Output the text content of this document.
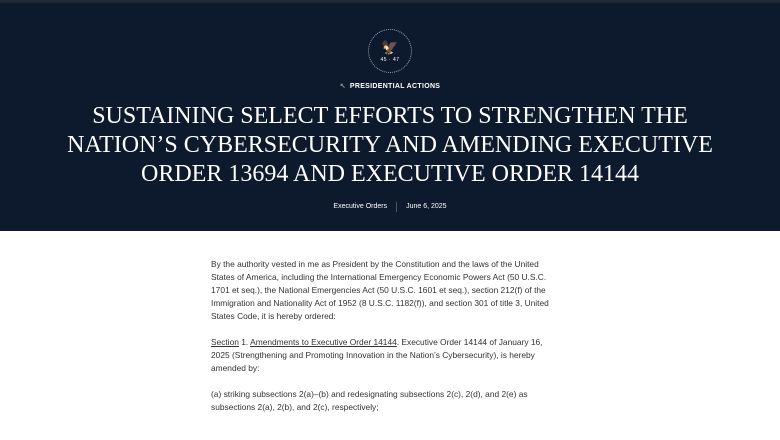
🦅
45 · 47
↖ PRESIDENTIAL ACTIONS
SUSTAINING SELECT EFFORTS TO STRENGTHEN THE NATION’S CYBERSECURITY AND AMENDING EXECUTIVE ORDER 13694 AND EXECUTIVE ORDER 14144
Executive Orders	June 6, 2025

By the authority vested in me as President by the Constitution and the laws of the United States of America, including the International Emergency Economic Powers Act (50 U.S.C. 1701 et seq.), the National Emergencies Act (50 U.S.C. 1601 et seq.), section 212(f) of the Immigration and Nationality Act of 1952 (8 U.S.C. 1182(f)), and section 301 of title 3, United States Code, it is hereby ordered:

Section 1. Amendments to Executive Order 14144. Executive Order 14144 of January 16, 2025 (Strengthening and Promoting Innovation in the Nation’s Cybersecurity), is hereby amended by:

(a) striking subsections 2(a)–(b) and redesignating subsections 2(c), 2(d), and 2(e) as subsections 2(a), 2(b), and 2(c), respectively;
